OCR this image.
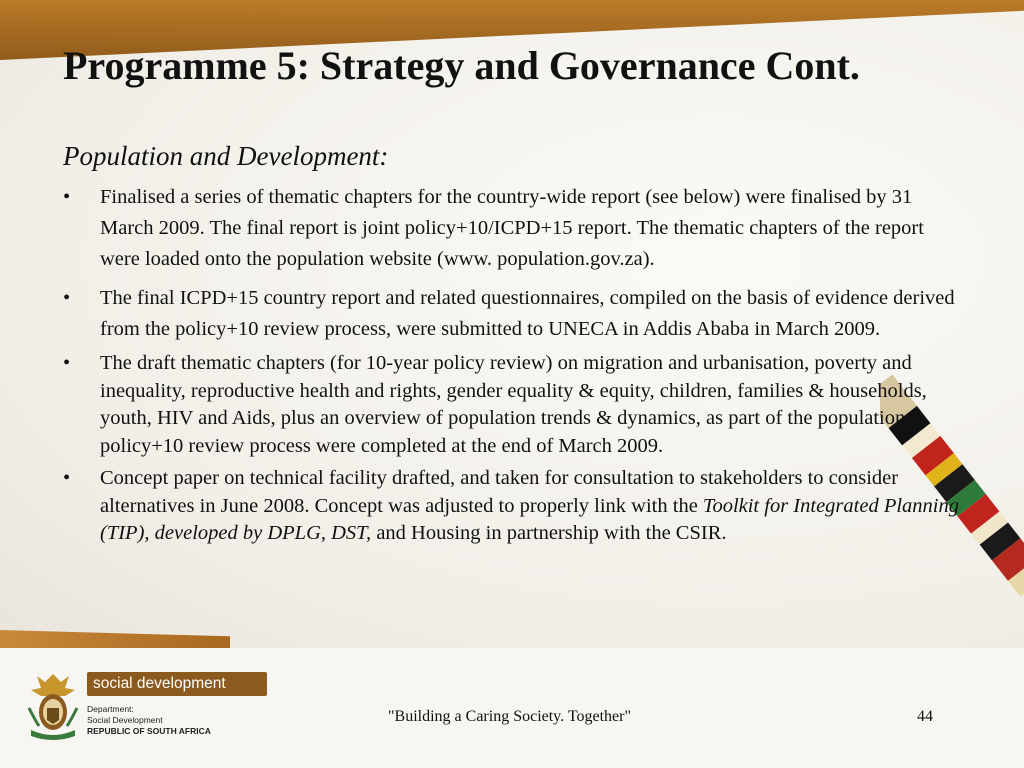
Programme 5: Strategy and Governance Cont.
Population and Development:
• Finalised a series of thematic chapters for the country-wide report (see below) were finalised by 31 March 2009. The final report is joint policy+10/ICPD+15 report. The thematic chapters of the report were loaded onto the population website (www. population.gov.za).
• The final ICPD+15 country report and related questionnaires, compiled on the basis of evidence derived from the policy+10 review process, were submitted to UNECA in Addis Ababa in March 2009.
• The draft thematic chapters (for 10-year policy review) on migration and urbanisation, poverty and inequality, reproductive health and rights, gender equality & equity, children, families & households, youth, HIV and Aids, plus an overview of population trends & dynamics, as part of the population policy+10 review process were completed at the end of March 2009.
• Concept paper on technical facility drafted, and taken for consultation to stakeholders to consider alternatives in June 2008. Concept was adjusted to properly link with the Toolkit for Integrated Planning (TIP), developed by DPLG, DST, and Housing in partnership with the CSIR.
social development
Department:
Social Development
REPUBLIC OF SOUTH AFRICA
"Building a Caring Society. Together"	44
